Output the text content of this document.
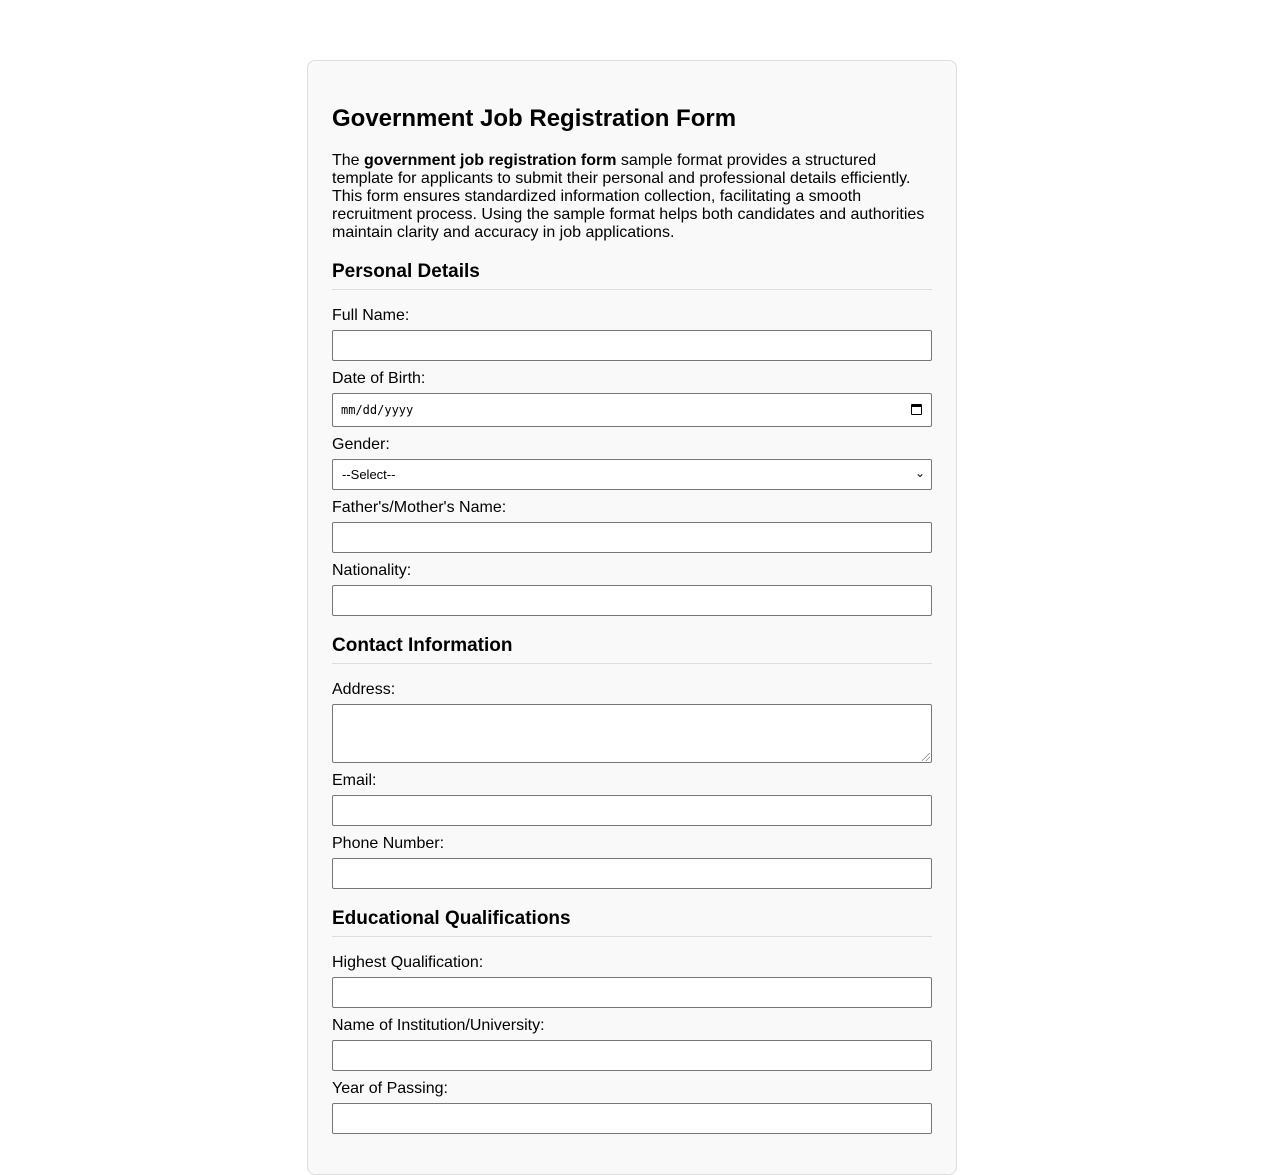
Government Job Registration Form

The government job registration form sample format provides a structured template for applicants to submit their personal and professional details efficiently. This form ensures standardized information collection, facilitating a smooth recruitment process. Using the sample format helps both candidates and authorities maintain clarity and accuracy in job applications.

Personal Details
Full Name:
Date of Birth:
mm/dd/yyyy
Gender:
--Select--	⌄
Father's/Mother's Name:
Nationality:
Contact Information
Address:
Email:
Phone Number:
Educational Qualifications
Highest Qualification:
Name of Institution/University:
Year of Passing:
